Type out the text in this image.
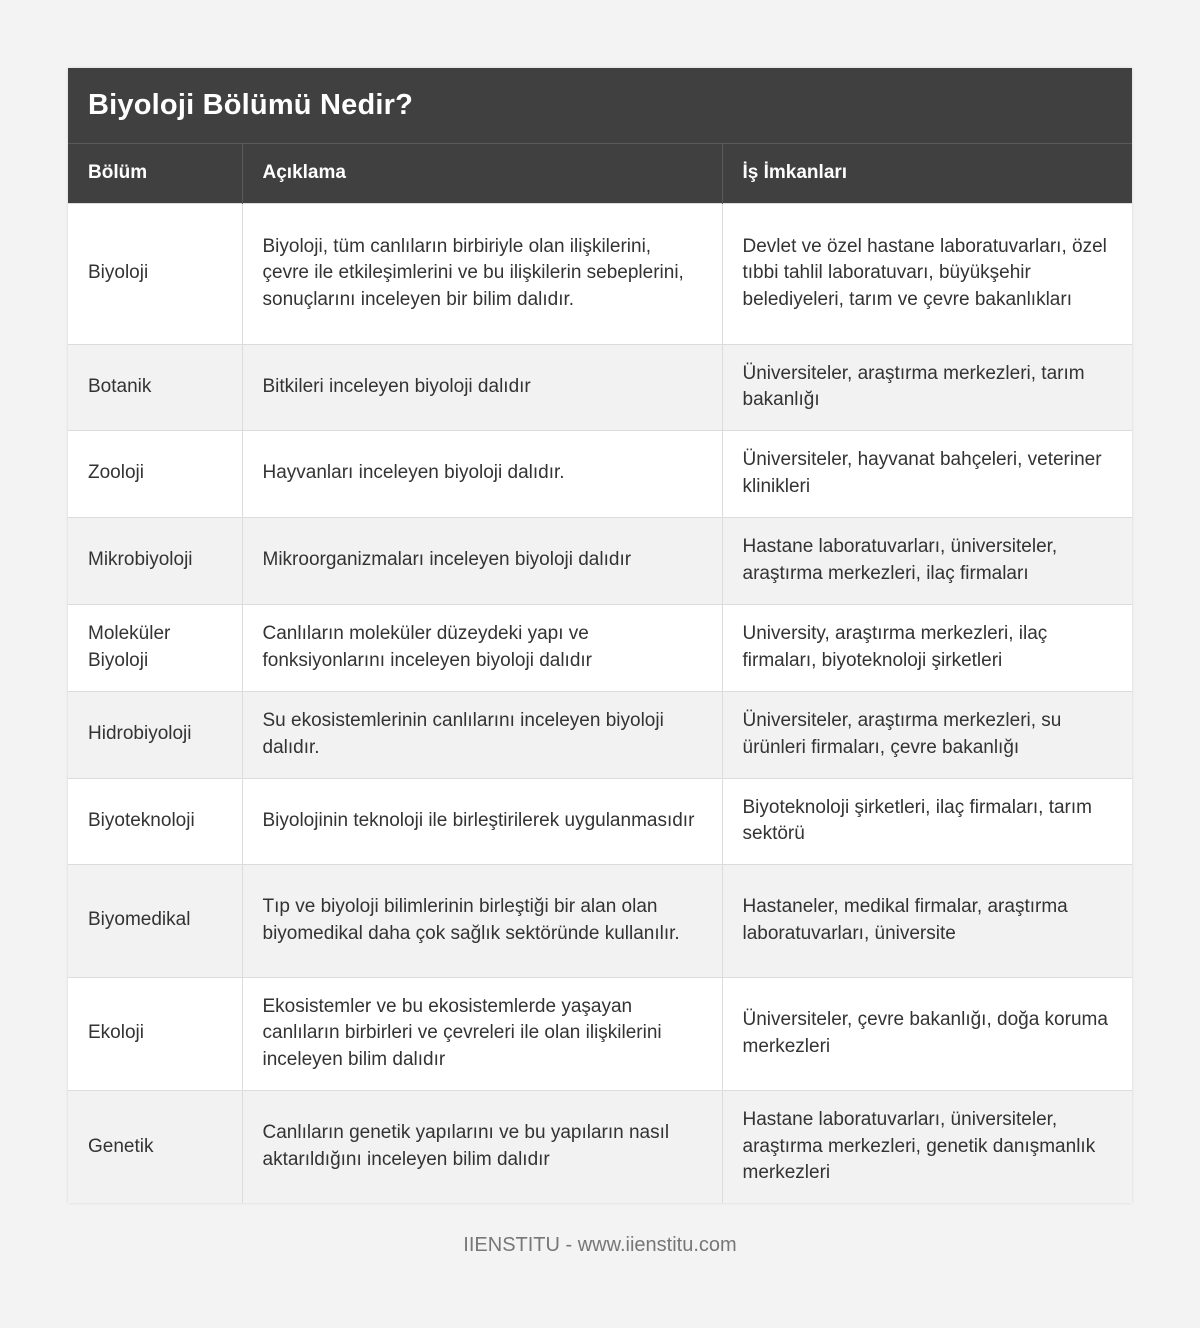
Biyoloji Bölümü Nedir?
Bölüm	Açıklama	İş İmkanları
Biyoloji	Biyoloji, tüm canlıların birbiriyle olan ilişkilerini, çevre ile etkileşimlerini ve bu ilişkilerin sebeplerini, sonuçlarını inceleyen bir bilim dalıdır.	Devlet ve özel hastane laboratuvarları, özel tıbbi tahlil laboratuvarı, büyükşehir belediyeleri, tarım ve çevre bakanlıkları
Botanik	Bitkileri inceleyen biyoloji dalıdır	Üniversiteler, araştırma merkezleri, tarım bakanlığı
Zooloji	Hayvanları inceleyen biyoloji dalıdır.	Üniversiteler, hayvanat bahçeleri, veteriner klinikleri
Mikrobiyoloji	Mikroorganizmaları inceleyen biyoloji dalıdır	Hastane laboratuvarları, üniversiteler, araştırma merkezleri, ilaç firmaları
Moleküler Biyoloji	Canlıların moleküler düzeydeki yapı ve fonksiyonlarını inceleyen biyoloji dalıdır	University, araştırma merkezleri, ilaç firmaları, biyoteknoloji şirketleri
Hidrobiyoloji	Su ekosistemlerinin canlılarını inceleyen biyoloji dalıdır.	Üniversiteler, araştırma merkezleri, su ürünleri firmaları, çevre bakanlığı
Biyoteknoloji	Biyolojinin teknoloji ile birleştirilerek uygulanmasıdır	Biyoteknoloji şirketleri, ilaç firmaları, tarım sektörü
Biyomedikal	Tıp ve biyoloji bilimlerinin birleştiği bir alan olan biyomedikal daha çok sağlık sektöründe kullanılır.	Hastaneler, medikal firmalar, araştırma laboratuvarları, üniversite
Ekoloji	Ekosistemler ve bu ekosistemlerde yaşayan canlıların birbirleri ve çevreleri ile olan ilişkilerini inceleyen bilim dalıdır	Üniversiteler, çevre bakanlığı, doğa koruma merkezleri
Genetik	Canlıların genetik yapılarını ve bu yapıların nasıl aktarıldığını inceleyen bilim dalıdır	Hastane laboratuvarları, üniversiteler, araştırma merkezleri, genetik danışmanlık merkezleri
IIENSTITU - www.iienstitu.com
